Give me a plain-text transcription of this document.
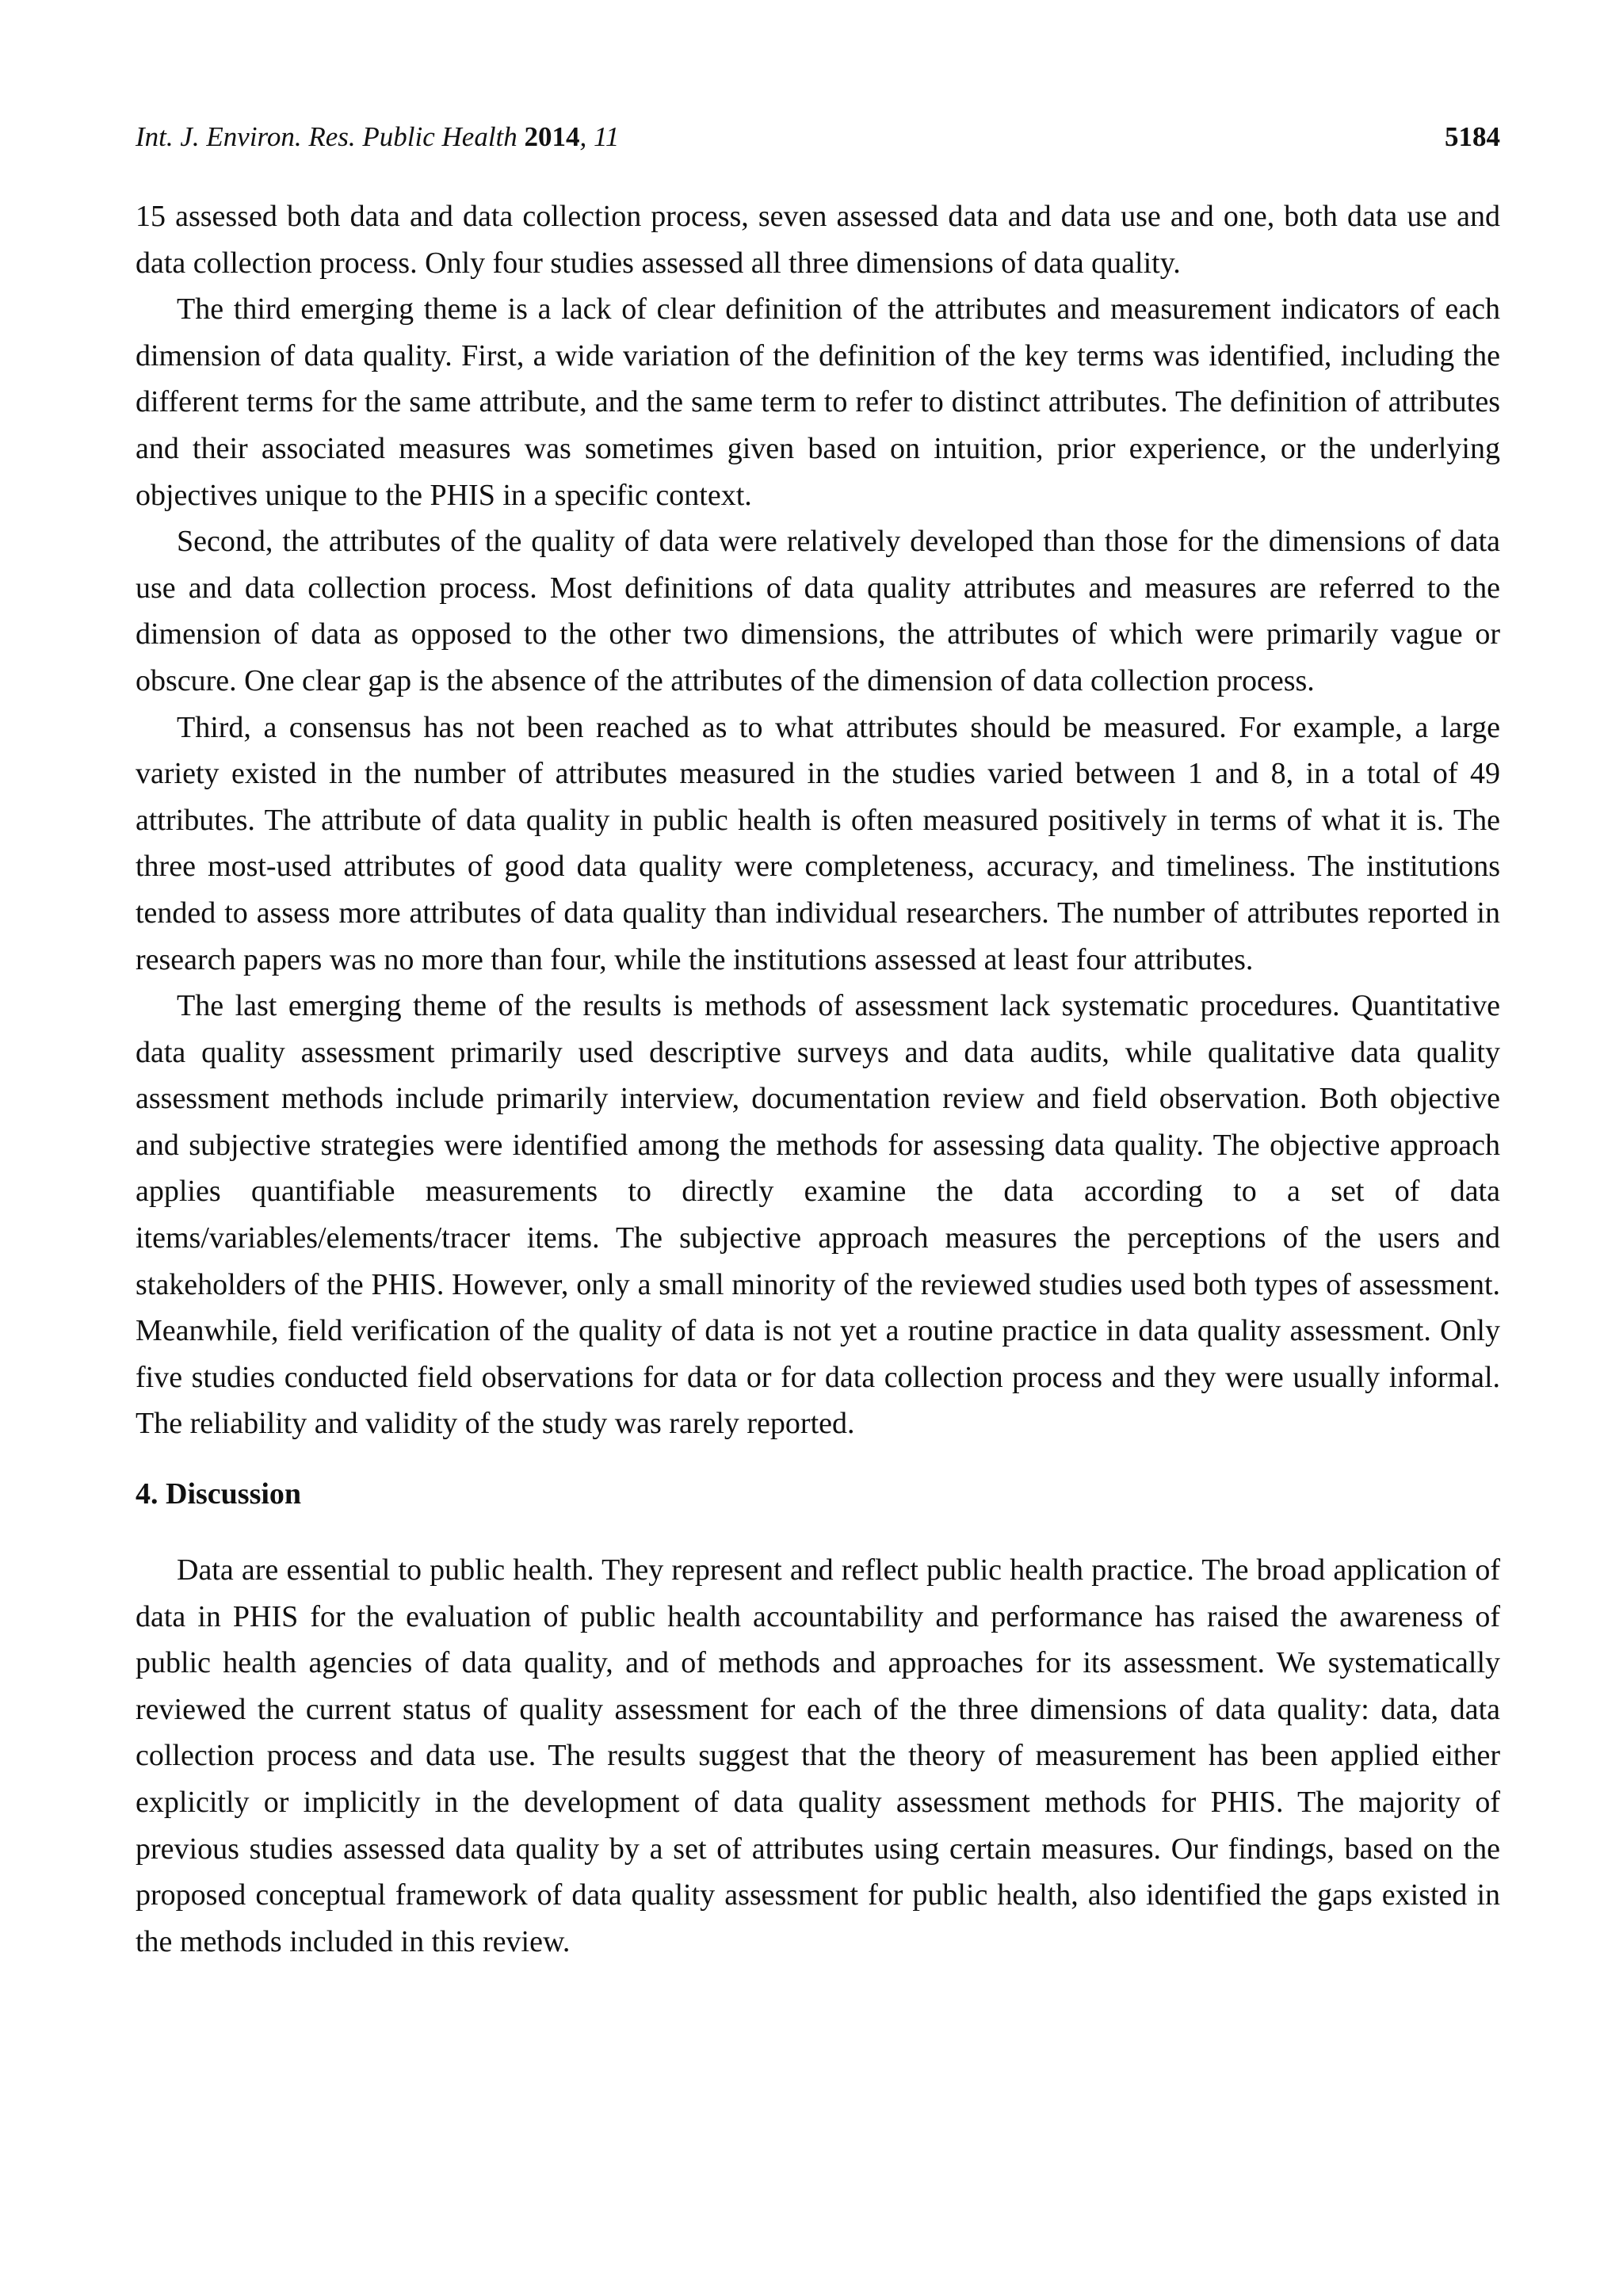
Int. J. Environ. Res. Public Health 2014, 11	5184

15 assessed both data and data collection process, seven assessed data and data use and one, both data use and data collection process. Only four studies assessed all three dimensions of data quality.

The third emerging theme is a lack of clear definition of the attributes and measurement indicators of each dimension of data quality. First, a wide variation of the definition of the key terms was identified, including the different terms for the same attribute, and the same term to refer to distinct attributes. The definition of attributes and their associated measures was sometimes given based on intuition, prior experience, or the underlying objectives unique to the PHIS in a specific context.

Second, the attributes of the quality of data were relatively developed than those for the dimensions of data use and data collection process. Most definitions of data quality attributes and measures are referred to the dimension of data as opposed to the other two dimensions, the attributes of which were primarily vague or obscure. One clear gap is the absence of the attributes of the dimension of data collection process.

Third, a consensus has not been reached as to what attributes should be measured. For example, a large variety existed in the number of attributes measured in the studies varied between 1 and 8, in a total of 49 attributes. The attribute of data quality in public health is often measured positively in terms of what it is. The three most-used attributes of good data quality were completeness, accuracy, and timeliness. The institutions tended to assess more attributes of data quality than individual researchers. The number of attributes reported in research papers was no more than four, while the institutions assessed at least four attributes.

The last emerging theme of the results is methods of assessment lack systematic procedures. Quantitative data quality assessment primarily used descriptive surveys and data audits, while qualitative data quality assessment methods include primarily interview, documentation review and field observation. Both objective and subjective strategies were identified among the methods for assessing data quality. The objective approach applies quantifiable measurements to directly examine the data according to a set of data items/variables/elements/tracer items. The subjective approach measures the perceptions of the users and stakeholders of the PHIS. However, only a small minority of the reviewed studies used both types of assessment. Meanwhile, field verification of the quality of data is not yet a routine practice in data quality assessment. Only five studies conducted field observations for data or for data collection process and they were usually informal. The reliability and validity of the study was rarely reported.

4. Discussion

Data are essential to public health. They represent and reflect public health practice. The broad application of data in PHIS for the evaluation of public health accountability and performance has raised the awareness of public health agencies of data quality, and of methods and approaches for its assessment. We systematically reviewed the current status of quality assessment for each of the three dimensions of data quality: data, data collection process and data use. The results suggest that the theory of measurement has been applied either explicitly or implicitly in the development of data quality assessment methods for PHIS. The majority of previous studies assessed data quality by a set of attributes using certain measures. Our findings, based on the proposed conceptual framework of data quality assessment for public health, also identified the gaps existed in the methods included in this review.
